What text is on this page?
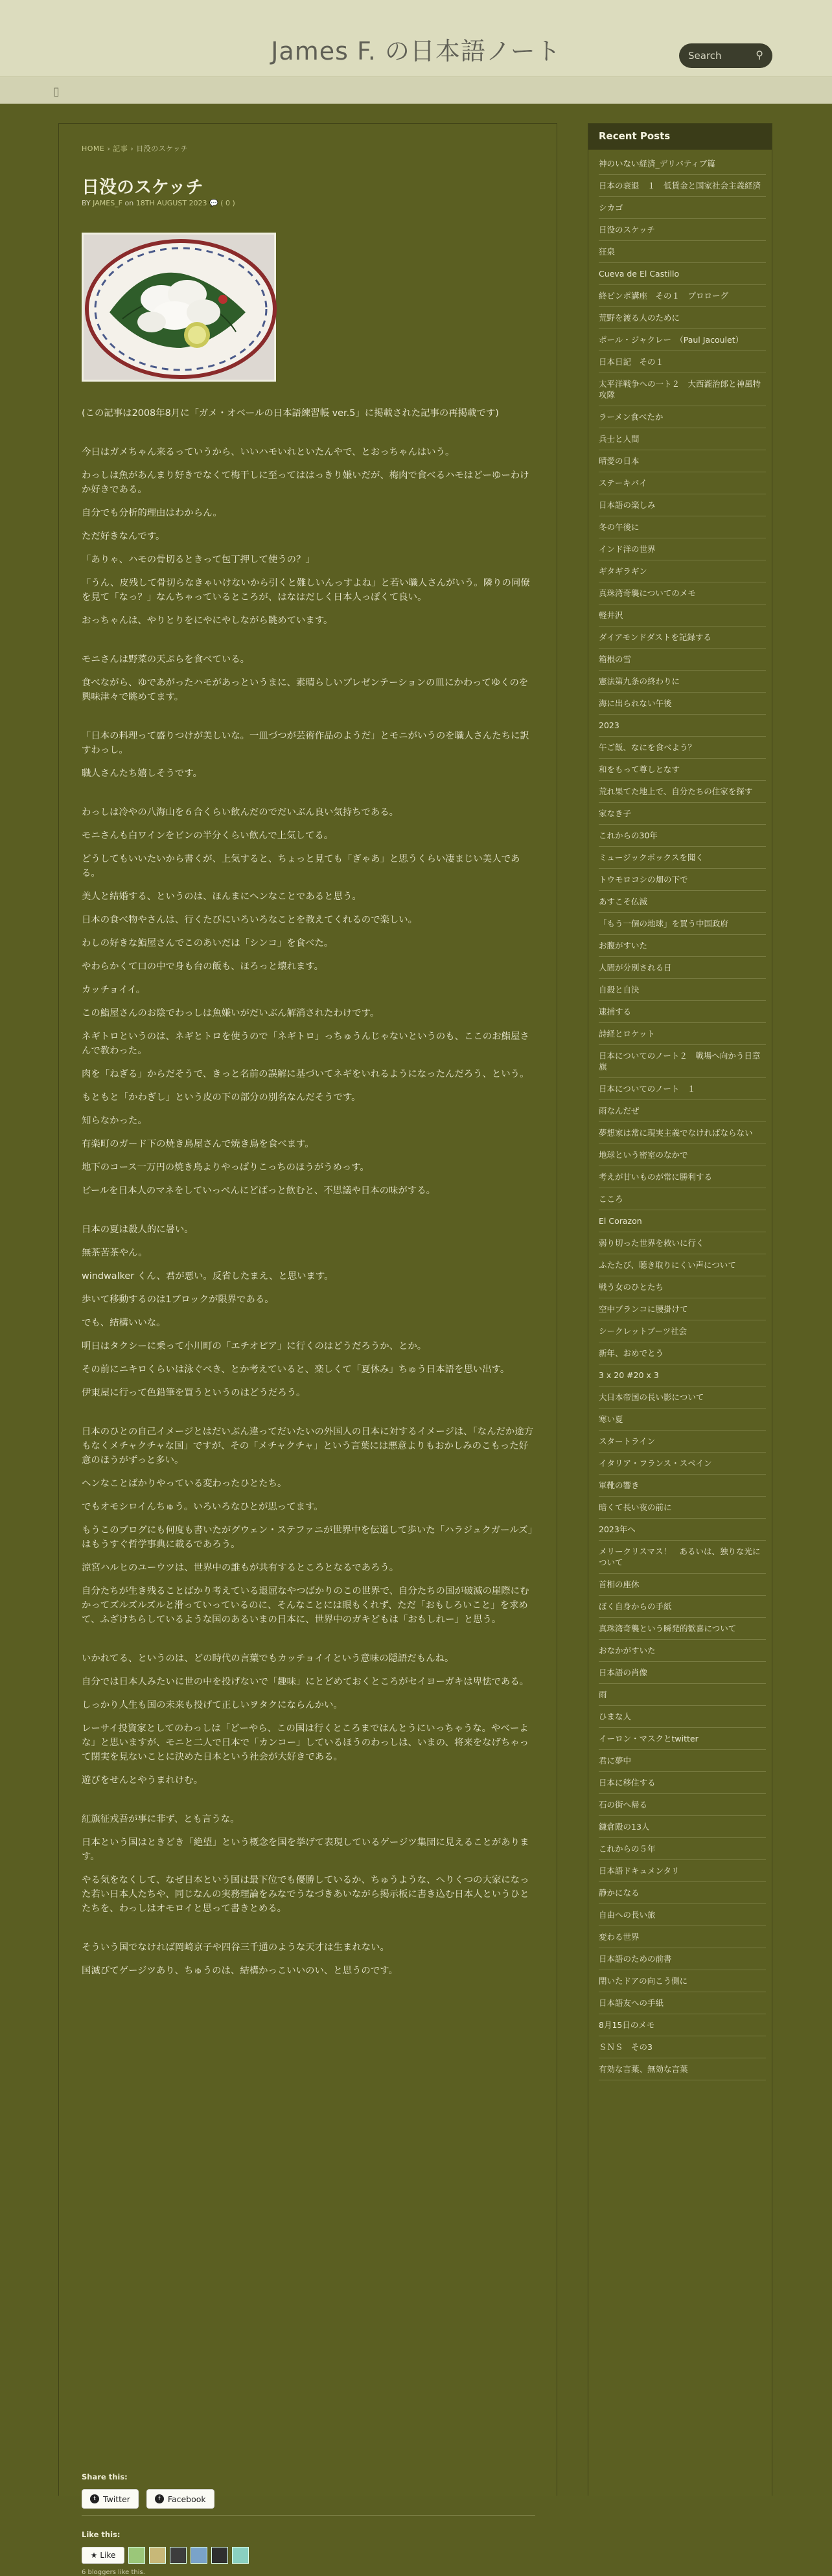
James F. の日本語ノート	Search	⚲
▯
HOME › 記事 › 日没のスケッチ
日没のスケッチ
BY JAMES_F on 18TH AUGUST 2023 💬 ( 0 )

(この記事は2008年8月に「ガメ・オベールの日本語練習帳 ver.5」に掲載された記事の再掲載です)

今日はガメちゃん来るっていうから、いいハモいれといたんやで、とおっちゃんはいう。

わっしは魚があんまり好きでなくて梅干しに至ってははっきり嫌いだが、梅肉で食べるハモはどーゆーわけか好きである。

自分でも分析的理由はわからん。

ただ好きなんです。

「ありゃ、ハモの骨切るときって包丁押して使うの？」

「うん、皮残して骨切らなきゃいけないから引くと難しいんっすよね」と若い職人さんがいう。隣りの同僚を見て「なっ？」なんちゃっているところが、はなはだしく日本人っぽくて良い。

おっちゃんは、やりとりをにやにやしながら眺めています。

モニさんは野菜の天ぷらを食べている。

食べながら、ゆであがったハモがあっというまに、素晴らしいプレゼンテーションの皿にかわってゆくのを興味津々で眺めてます。

「日本の料理って盛りつけが美しいな。一皿づつが芸術作品のようだ」とモニがいうのを職人さんたちに訳すわっし。

職人さんたち嬉しそうです。

わっしは冷やの八海山を６合くらい飲んだのでだいぶん良い気持ちである。

モニさんも白ワインをビンの半分くらい飲んで上気してる。

どうしてもいいたいから書くが、上気すると、ちょっと見ても「ぎゃあ」と思うくらい凄まじい美人である。

美人と結婚する、というのは、ほんまにヘンなことであると思う。

日本の食べ物やさんは、行くたびにいろいろなことを教えてくれるので楽しい。

わしの好きな鮨屋さんでこのあいだは「シンコ」を食べた。

やわらかくて口の中で身も台の飯も、ほろっと壊れます。

カッチョイイ。

この鮨屋さんのお陰でわっしは魚嫌いがだいぶん解消されたわけです。

ネギトロというのは、ネギとトロを使うので「ネギトロ」っちゅうんじゃないというのも、ここのお鮨屋さんで教わった。

肉を「ねぎる」からだそうで、きっと名前の誤解に基づいてネギをいれるようになったんだろう、という。

もともと「かわぎし」という皮の下の部分の別名なんだそうです。

知らなかった。

有楽町のガード下の焼き鳥屋さんで焼き鳥を食べます。

地下のコース一万円の焼き鳥よりやっぱりこっちのほうがうめっす。

ビールを日本人のマネをしていっぺんにどばっと飲むと、不思議や日本の味がする。

日本の夏は殺人的に暑い。

無茶苦茶やん。

windwalker くん、君が悪い。反省したまえ、と思います。

歩いて移動するのは1ブロックが限界である。

でも、結構いいな。

明日はタクシーに乗って小川町の「エチオピア」に行くのはどうだろうか、とか。

その前にニキロくらいは泳ぐべき、とか考えていると、楽しくて「夏休み」ちゅう日本語を思い出す。

伊東屋に行って色鉛筆を買うというのはどうだろう。

日本のひとの自己イメージとはだいぶん違ってだいたいの外国人の日本に対するイメージは、「なんだか途方もなくメチャクチャな国」ですが、その「メチャクチャ」という言葉には悪意よりもおかしみのこもった好意のほうがずっと多い。

ヘンなことばかりやっている変わったひとたち。

でもオモシロイんちゅう。いろいろなひとが思ってます。

もうこのブログにも何度も書いたがグウェン・ステファニが世界中を伝道して歩いた「ハラジュクガールズ」はもうすぐ哲学事典に載るであろう。

涼宮ハルヒのユーウツは、世界中の誰もが共有するところとなるであろう。

自分たちが生き残ることばかり考えている退屈なやつばかりのこの世界で、自分たちの国が破滅の崖際にむかってズルズルズルと滑っていっているのに、そんなことには眼もくれず、ただ「おもしろいこと」を求めて、ふざけちらしているような国のあるいまの日本に、世界中のガキどもは「おもしれー」と思う。

いかれてる、というのは、どの時代の言葉でもカッチョイイという意味の隠語だもんね。

自分では日本人みたいに世の中を投げないで「趣味」にとどめておくところがセイヨーガキは卑怯である。

しっかり人生も国の未来も投げて正しいヲタクにならんかい。

レーサイ投資家としてのわっしは「どーやら、この国は行くところまではんとうにいっちゃうな。やべーよな」と思いますが、モニと二人で日本で「カンコー」しているほうのわっしは、いまの、将来をなげちゃって閉実を見ないことに決めた日本という社会が大好きである。

遊びをせんとやうまれけむ。

紅旗征戎吾が事に非ず、とも言うな。

日本という国はときどき「絶望」という概念を国を挙げて表現しているゲージツ集団に見えることがあります。

やる気をなくして、なぜ日本という国は最下位でも優勝しているか、ちゅうような、へりくつの大家になった若い日本人たちや、同じなんの実務理論をみなでうなづきあいながら掲示板に書き込む日本人というひとたちを、わっしはオモロイと思って書きとめる。

そういう国でなければ岡崎京子や四谷三千通のような天才は生まれない。

国滅びてゲージツあり、ちゅうのは、結構かっこいいのい、と思うのです。

Share this:
t Twitter	f Facebook
Like this:
★ Like
6 bloggers like this.
Recent Posts
神のいない経済_デリバティブ篇
日本の衰退　１　低賃金と国家社会主義経済
シカゴ
日没のスケッチ
狂泉
Cueva de El Castillo
終ピンポ講座　その１　プロローグ
荒野を渡る人のために
ポール・ジャクレー　（Paul Jacoulet）
日本日記　その１
太平洋戦争への一ト２　大西瀧治郎と神風特攻隊
ラーメン食べたか
兵士と人間
晴愛の日本
ステーキパイ
日本語の楽しみ
冬の午後に
インド洋の世界
ギタギラギン
真珠湾奇襲についてのメモ
軽井沢
ダイアモンドダストを記録する
箱根の雪
憲法第九条の終わりに
海に出られない午後
2023
午ご飯、なにを食べよう？
和をもって尊しとなす
荒れ果てた地上で、自分たちの住家を探す
家なき子
これからの30年
ミュージックボックスを聞く
トウモロコシの畑の下で
あすこそ仏滅
「もう一個の地球」を買う中国政府
お腹がすいた
人間が分別される日
自殺と自決
逮捕する
詩経とロケット
日本についてのノート２　戦場へ向かう日章旗
日本についてのノート　１
雨なんだぜ
夢想家は常に現実主義でなければならない
地球という密室のなかで
考えが甘いものが常に勝利する
こころ
El Corazon
弱り切った世界を救いに行く
ふたたび、聴き取りにくい声について
戦う女のひとたち
空中ブランコに腰掛けて
シークレットブーツ社会
新年、おめでとう
3 x 20 #20 x 3
大日本帝国の長い影について
寒い夏
スタートライン
イタリア・フランス・スペイン
軍靴の響き
暗くて長い夜の前に
2023年へ
メリークリスマス！　あるいは、独りな光について
首相の座休
ぼく自身からの手紙
真珠湾奇襲という瞬発的歓喜について
おなかがすいた
日本語の肖像
雨
ひまな人
イーロン・マスクとtwitter
君に夢中
日本に移住する
石の街へ帰る
鎌倉殿の13人
これからの５年
日本語ドキュメンタリ
静かになる
自由への長い旅
変わる世界
日本語のための前書
閉いたドアの向こう側に
日本語友への手紙
8月15日のメモ
ＳＮＳ　その3
有効な言葉、無効な言葉
